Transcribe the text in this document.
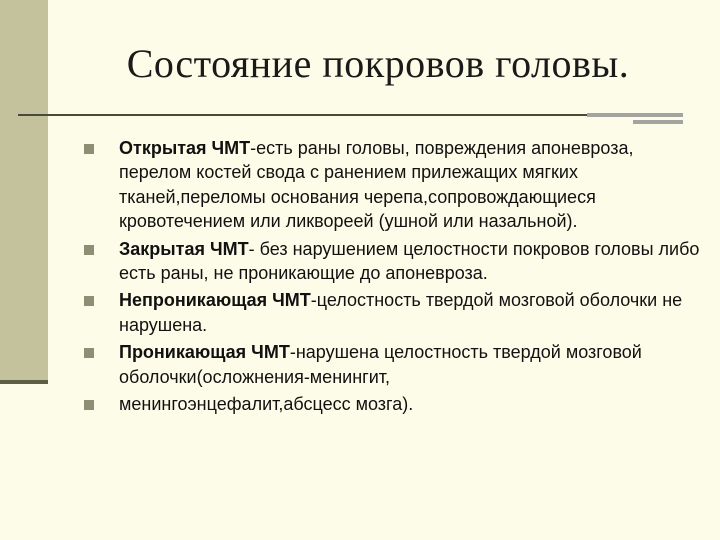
Состояние покровов головы.
Открытая ЧМТ-есть раны головы, повреждения апоневроза, перелом костей свода с ранением прилежащих мягких тканей,переломы основания черепа,сопровождающиеся кровотечением или ликвореей (ушной или назальной).
Закрытая ЧМТ- без нарушением целостности покровов головы либо есть раны, не проникающие до апоневроза.
Непроникающая ЧМТ-целостность твердой мозговой оболочки не нарушена.
Проникающая ЧМТ-нарушена целостность твердой мозговой оболочки(осложнения-менингит,
менингоэнцефалит,абсцесс мозга).
